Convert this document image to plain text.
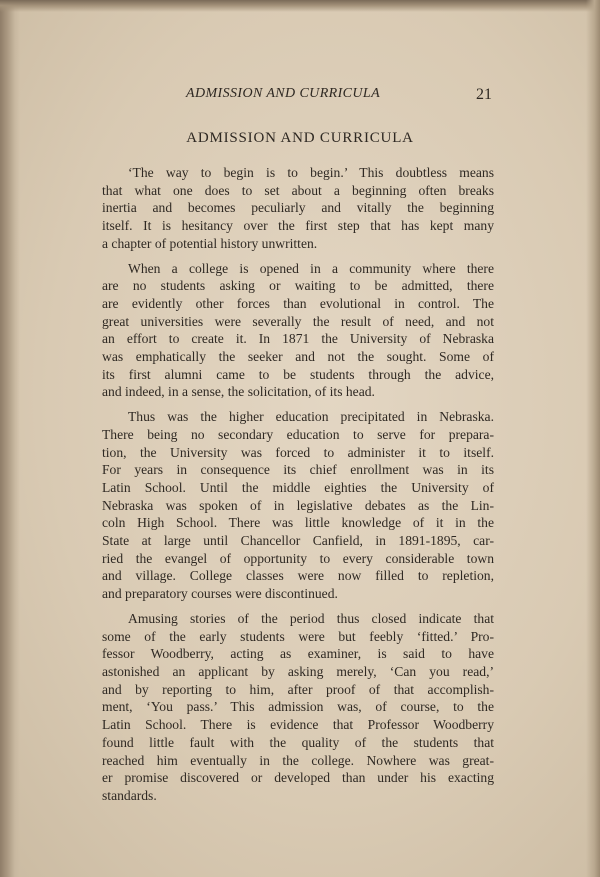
ADMISSION AND CURRICULA	21
ADMISSION AND CURRICULA
‘The way to begin is to begin.’ This doubtless means
that what one does to set about a beginning often breaks
inertia and becomes peculiarly and vitally the beginning
itself. It is hesitancy over the first step that has kept many
a chapter of potential history unwritten.
When a college is opened in a community where there
are no students asking or waiting to be admitted, there
are evidently other forces than evolutional in control. The
great universities were severally the result of need, and not
an effort to create it. In 1871 the University of Nebraska
was emphatically the seeker and not the sought. Some of
its first alumni came to be students through the advice,
and indeed, in a sense, the solicitation, of its head.
Thus was the higher education precipitated in Nebraska.
There being no secondary education to serve for prepara-
tion, the University was forced to administer it to itself.
For years in consequence its chief enrollment was in its
Latin School. Until the middle eighties the University of
Nebraska was spoken of in legislative debates as the Lin-
coln High School. There was little knowledge of it in the
State at large until Chancellor Canfield, in 1891-1895, car-
ried the evangel of opportunity to every considerable town
and village. College classes were now filled to repletion,
and preparatory courses were discontinued.
Amusing stories of the period thus closed indicate that
some of the early students were but feebly ‘fitted.’ Pro-
fessor Woodberry, acting as examiner, is said to have
astonished an applicant by asking merely, ‘Can you read,’
and by reporting to him, after proof of that accomplish-
ment, ‘You pass.’ This admission was, of course, to the
Latin School. There is evidence that Professor Woodberry
found little fault with the quality of the students that
reached him eventually in the college. Nowhere was great-
er promise discovered or developed than under his exacting
standards.
